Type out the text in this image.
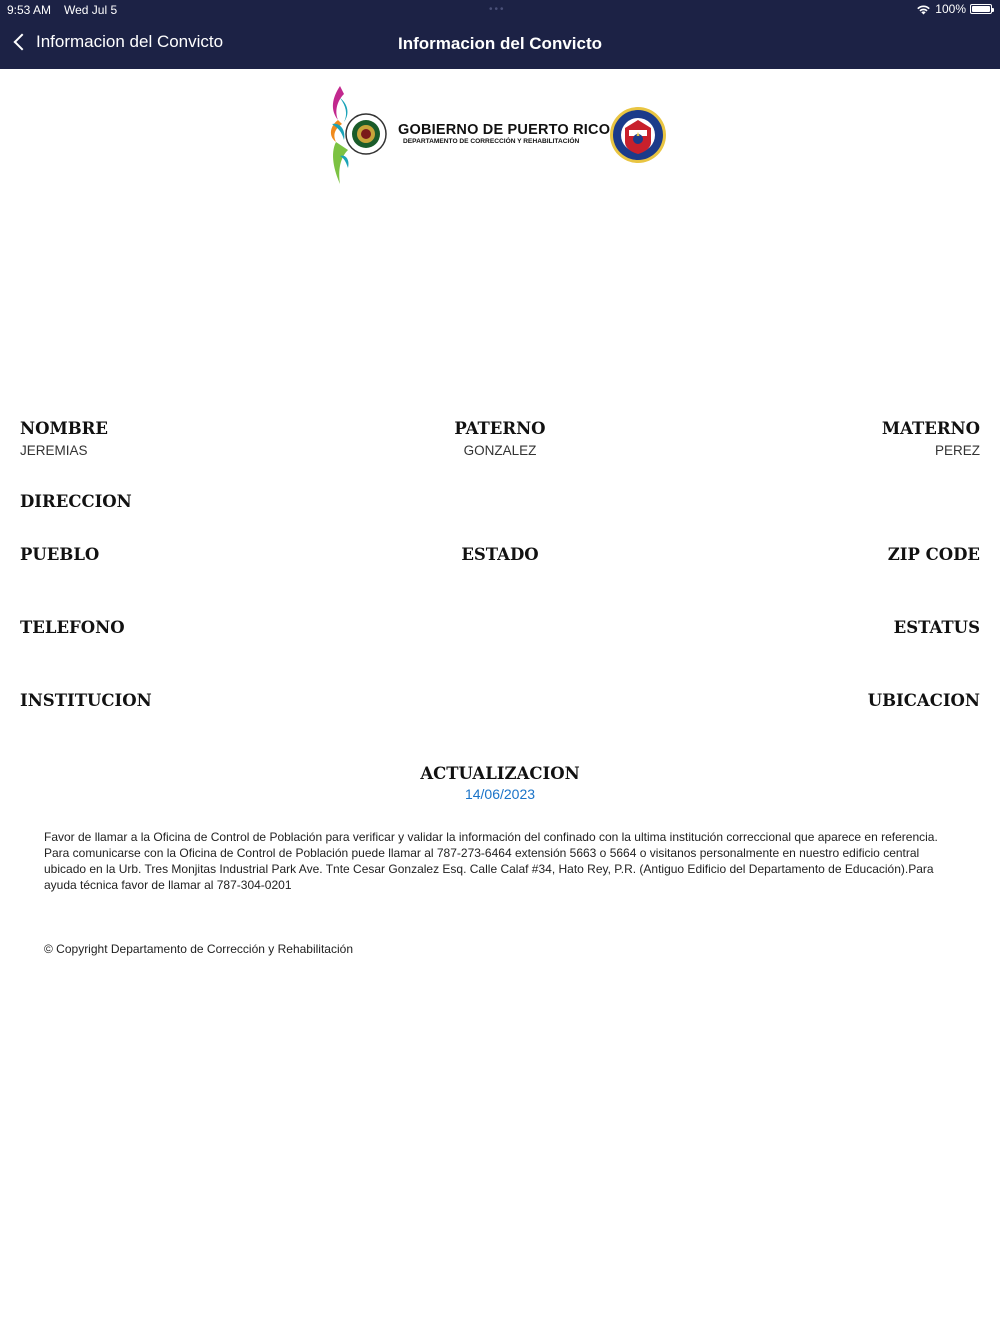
9:53 AM Wed Jul 5	•••	100%
Informacion del Convicto	Informacion del Convicto
GOBIERNO DE PUERTO RICO
DEPARTAMENTO DE CORRECCIÓN Y REHABILITACIÓN
NOMBRE
JEREMIAS
PATERNO
GONZALEZ
MATERNO
PEREZ
DIRECCION
PUEBLO	ESTADO	ZIP CODE
TELEFONO	ESTATUS
INSTITUCION	UBICACION
ACTUALIZACION
14/06/2023
Favor de llamar a la Oficina de Control de Población para verificar y validar la información del confinado con la ultima institución correccional que aparece en referencia. Para comunicarse con la Oficina de Control de Población puede llamar al 787-273-6464 extensión 5663 o 5664 o visitanos personalmente en nuestro edificio central ubicado en la Urb. Tres Monjitas Industrial Park Ave. Tnte Cesar Gonzalez Esq. Calle Calaf #34, Hato Rey, P.R. (Antiguo Edificio del Departamento de Educación).Para ayuda técnica favor de llamar al 787-304-0201
© Copyright Departamento de Corrección y Rehabilitación
